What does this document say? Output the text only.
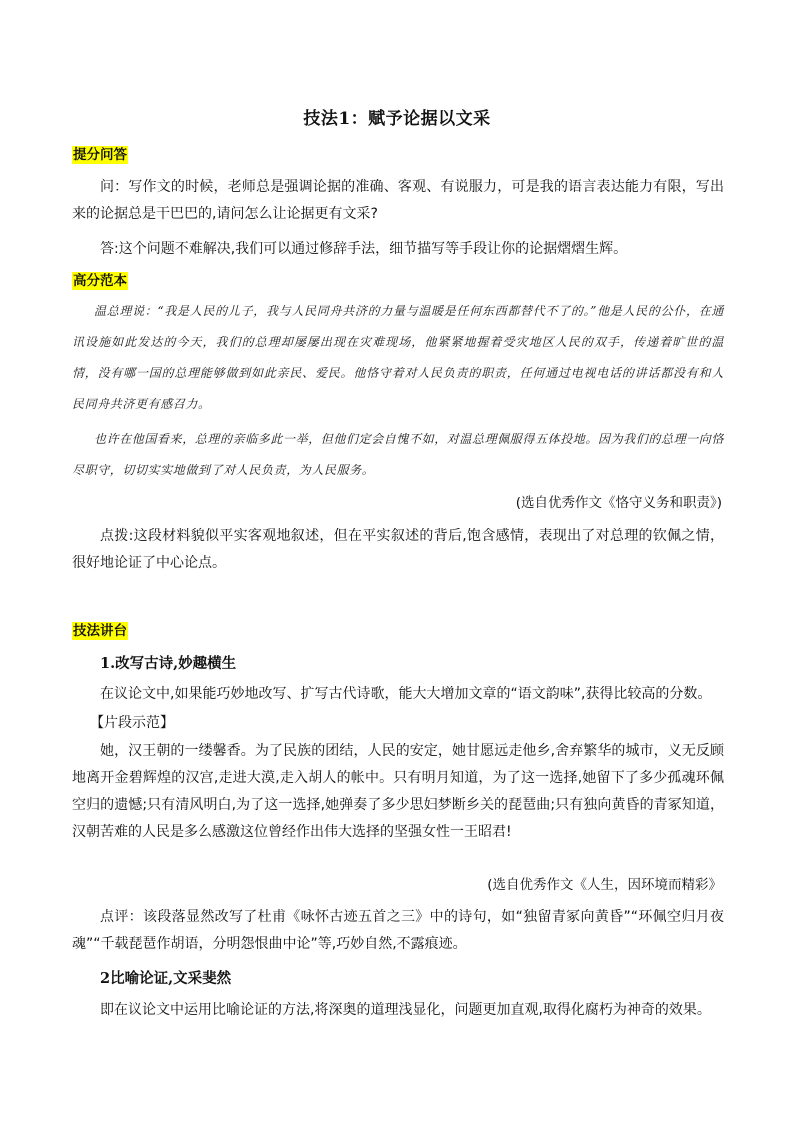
技法1：赋予论据以文采
提分问答
问：写作文的时候，老师总是强调论据的准确、客观、有说服力，可是我的语言表达能力有限，写出来的论据总是干巴巴的,请问怎么让论据更有文采?
答:这个问题不难解决,我们可以通过修辞手法，细节描写等手段让你的论据熠熠生辉。
高分范本
温总理说：“我是人民的儿子，我与人民同舟共济的力量与温暖是任何东西都替代不了的。”他是人民的公仆，在通讯设施如此发达的今天，我们的总理却屡屡出现在灾难现场，他紧紧地握着受灾地区人民的双手，传递着旷世的温情，没有哪一国的总理能够做到如此亲民、爱民。他恪守着对人民负责的职责，任何通过电视电话的讲话都没有和人民同舟共济更有感召力。
也许在他国看来，总理的亲临多此一举，但他们定会自愧不如，对温总理佩服得五体投地。因为我们的总理一向恪尽职守，切切实实地做到了对人民负责，为人民服务。
(选自优秀作文《恪守义务和职责》)
点拨:这段材料貌似平实客观地叙述，但在平实叙述的背后,饱含感情，表现出了对总理的钦佩之情，很好地论证了中心论点。
技法讲台
1.改写古诗,妙趣横生
在议论文中,如果能巧妙地改写、扩写古代诗歌，能大大增加文章的“语文韵味”,获得比较高的分数。
【片段示范】
她，汉王朝的一缕馨香。为了民族的团结，人民的安定，她甘愿远走他乡,舍弃繁华的城市，义无反顾地离开金碧辉煌的汉宫,走进大漠,走入胡人的帐中。只有明月知道，为了这一选择,她留下了多少孤魂环佩空归的遗憾;只有清风明白,为了这一选择,她弹奏了多少思妇梦断乡关的琵琶曲;只有独向黄昏的青冢知道，汉朝苦难的人民是多么感激这位曾经作出伟大选择的坚强女性一王昭君!
(选自优秀作文《人生，因环境而精彩》
点评：该段落显然改写了杜甫《咏怀古迹五首之三》中的诗句，如“独留青冢向黄昏”“环佩空归月夜魂”“千载琵琶作胡语，分明怨恨曲中论”等,巧妙自然,不露痕迹。
2比喻论证,文采斐然
即在议论文中运用比喻论证的方法,将深奥的道理浅显化，问题更加直观,取得化腐朽为神奇的效果。
